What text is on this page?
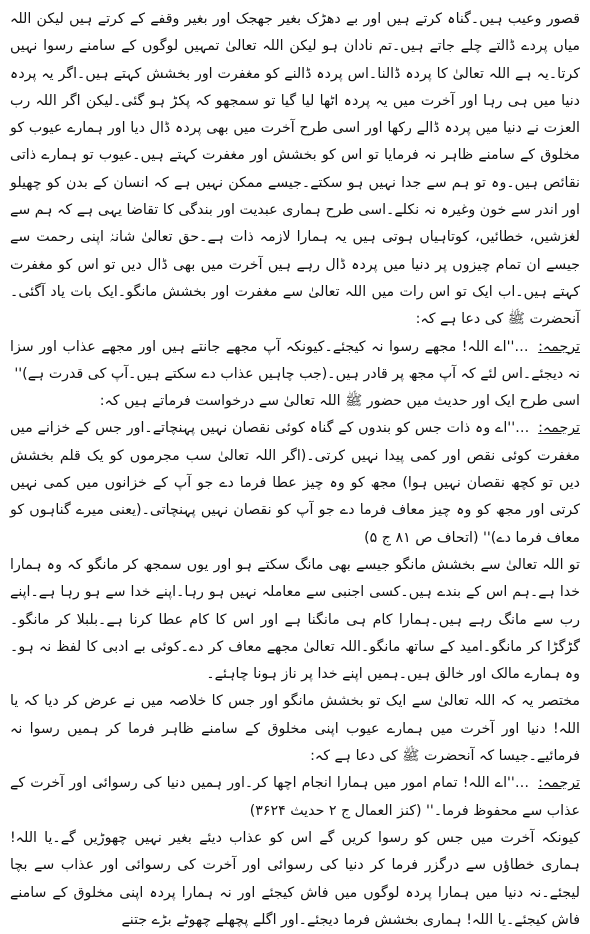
قصور وعیب ہیں۔گناہ کرتے ہیں اور بے دھڑک بغیر جھجک اور بغیر وقفے کے کرتے ہیں لیکن اللہ میاں پردے ڈالتے چلے جاتے ہیں۔تم نادان ہو لیکن اللہ تعالیٰ تمہیں لوگوں کے سامنے رسوا نہیں کرتا۔یہ ہے اللہ تعالیٰ کا پردہ ڈالنا۔اس پردہ ڈالنے کو مغفرت اور بخشش کہتے ہیں۔اگر یہ پردہ دنیا میں ہی رہا اور آخرت میں یہ پردہ اٹھا لیا گیا تو سمجھو کہ پکڑ ہو گئی۔لیکن اگر اللہ رب العزت نے دنیا میں پردہ ڈالے رکھا اور اسی طرح آخرت میں بھی پردہ ڈال دیا اور ہمارے عیوب کو مخلوق کے سامنے ظاہر نہ فرمایا تو اس کو بخشش اور مغفرت کہتے ہیں۔عیوب تو ہمارے ذاتی نقائص ہیں۔وہ تو ہم سے جدا نہیں ہو سکتے۔جیسے ممکن نہیں ہے کہ انسان کے بدن کو چھیلو اور اندر سے خون وغیرہ نہ نکلے۔اسی طرح ہماری عبدیت اور بندگی کا تقاضا یہی ہے کہ ہم سے لغزشیں، خطائیں، کوتاہیاں ہوتی ہیں یہ ہمارا لازمہ ذات ہے۔حق تعالیٰ شانہٗ اپنی رحمت سے جیسے ان تمام چیزوں پر دنیا میں پردہ ڈال رہے ہیں آخرت میں بھی ڈال دیں تو اس کو مغفرت کہتے ہیں۔اب ایک تو اس رات میں اللہ تعالیٰ سے مغفرت اور بخشش مانگو۔ایک بات یاد آگئی۔آنحضرت ﷺ کی دعا ہے کہ:

ترجمہ: …''اے اللہ! مجھے رسوا نہ کیجئے۔کیونکہ آپ مجھے جانتے ہیں اور مجھے عذاب اور سزا نہ دیجئے۔اس لئے کہ آپ مجھ پر قادر ہیں۔(جب چاہیں عذاب دے سکتے ہیں۔آپ کی قدرت ہے)''

اسی طرح ایک اور حدیث میں حضور ﷺ اللہ تعالیٰ سے درخواست فرماتے ہیں کہ:

ترجمہ: …''اے وہ ذات جس کو بندوں کے گناہ کوئی نقصان نہیں پہنچاتے۔اور جس کے خزانے میں مغفرت کوئی نقص اور کمی پیدا نہیں کرتی۔(اگر اللہ تعالیٰ سب مجرموں کو یک قلم بخشش دیں تو کچھ نقصان نہیں ہوا) مجھ کو وہ چیز عطا فرما دے جو آپ کے خزانوں میں کمی نہیں کرتی اور مجھ کو وہ چیز معاف فرما دے جو آپ کو نقصان نہیں پہنچاتی۔(یعنی میرے گناہوں کو معاف فرما دے)'' (اتحاف ص ۸۱ ج ۵)

تو اللہ تعالیٰ سے بخشش مانگو جیسے بھی مانگ سکتے ہو اور یوں سمجھ کر مانگو کہ وہ ہمارا خدا ہے۔ہم اس کے بندے ہیں۔کسی اجنبی سے معاملہ نہیں ہو رہا۔اپنے خدا سے ہو رہا ہے۔اپنے رب سے مانگ رہے ہیں۔ہمارا کام ہی مانگنا ہے اور اس کا کام عطا کرنا ہے۔بلبلا کر مانگو۔گڑگڑا کر مانگو۔امید کے ساتھ مانگو۔اللہ تعالیٰ مجھے معاف کر دے۔کوئی بے ادبی کا لفظ نہ ہو۔وہ ہمارے مالک اور خالق ہیں۔ہمیں اپنے خدا پر ناز ہونا چاہئے۔

مختصر یہ کہ اللہ تعالیٰ سے ایک تو بخشش مانگو اور جس کا خلاصہ میں نے عرض کر دیا کہ یا اللہ! دنیا اور آخرت میں ہمارے عیوب اپنی مخلوق کے سامنے ظاہر فرما کر ہمیں رسوا نہ فرمائیے۔جیسا کہ آنحضرت ﷺ کی دعا ہے کہ:

ترجمہ: …''اے اللہ! تمام امور میں ہمارا انجام اچھا کر۔اور ہمیں دنیا کی رسوائی اور آخرت کے عذاب سے محفوظ فرما۔'' (کنز العمال ج ۲ حدیث ۳۶۲۴)

کیونکہ آخرت میں جس کو رسوا کریں گے اس کو عذاب دیئے بغیر نہیں چھوڑیں گے۔یا اللہ! ہماری خطاؤں سے درگزر فرما کر دنیا کی رسوائی اور آخرت کی رسوائی اور عذاب سے بچا لیجئے۔نہ دنیا میں ہمارا پردہ لوگوں میں فاش کیجئے اور نہ ہمارا پردہ اپنی مخلوق کے سامنے فاش کیجئے۔یا اللہ! ہماری بخشش فرما دیجئے۔اور اگلے پچھلے چھوٹے بڑے جتنے
